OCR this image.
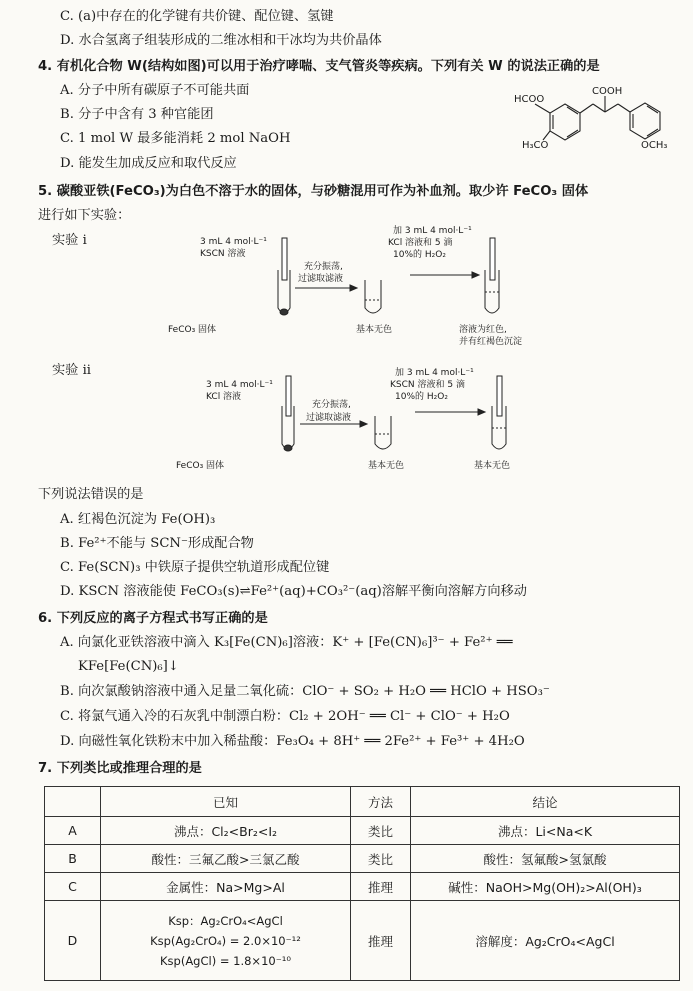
C. (a)中存在的化学键有共价键、配位键、氢键
D. 水合氢离子组装形成的二维冰相和干冰均为共价晶体
4. 有机化合物 W(结构如图)可以用于治疗哮喘、支气管炎等疾病。下列有关 W 的说法正确的是
A. 分子中所有碳原子不可能共面
B. 分子中含有 3 种官能团
C. 1 mol W 最多能消耗 2 mol NaOH
D. 能发生加成反应和取代反应
HCOO
COOH
H₃CO	OCH₃
5. 碳酸亚铁(FeCO₃)为白色不溶于水的固体，与砂糖混用可作为补血剂。取少许 FeCO₃ 固体
进行如下实验：
实验 i	3 mL 4 mol·L⁻¹
KSCN 溶液
充分振荡,
过滤取滤液
加 3 mL 4 mol·L⁻¹
KCl 溶液和 5 滴
10%的 H₂O₂
FeCO₃ 固体	基本无色	溶液为红色,
并有红褐色沉淀
实验 ii
3 mL 4 mol·L⁻¹
KCl 溶液
充分振荡,
过滤取滤液
加 3 mL 4 mol·L⁻¹
KSCN 溶液和 5 滴
10%的 H₂O₂
FeCO₃ 固体	基本无色	基本无色
下列说法错误的是
A. 红褐色沉淀为 Fe(OH)₃
B. Fe²⁺不能与 SCN⁻形成配合物
C. Fe(SCN)₃ 中铁原子提供空轨道形成配位键
D. KSCN 溶液能使 FeCO₃(s)⇌Fe²⁺(aq)+CO₃²⁻(aq)溶解平衡向溶解方向移动
6. 下列反应的离子方程式书写正确的是
A. 向氯化亚铁溶液中滴入 K₃[Fe(CN)₆]溶液：K⁺ + [Fe(CN)₆]³⁻ + Fe²⁺ ══
KFe[Fe(CN)₆]↓
B. 向次氯酸钠溶液中通入足量二氧化硫：ClO⁻ + SO₂ + H₂O ══ HClO + HSO₃⁻
C. 将氯气通入冷的石灰乳中制漂白粉：Cl₂ + 2OH⁻ ══ Cl⁻ + ClO⁻ + H₂O
D. 向磁性氧化铁粉末中加入稀盐酸：Fe₃O₄ + 8H⁺ ══ 2Fe²⁺ + Fe³⁺ + 4H₂O
7. 下列类比或推理合理的是
	已知	方法	结论
A	沸点：Cl₂<Br₂<I₂	类比	沸点：Li<Na<K
B	酸性：三氟乙酸>三氯乙酸	类比	酸性：氢氟酸>氢氯酸
C	金属性：Na>Mg>Al	推理	碱性：NaOH>Mg(OH)₂>Al(OH)₃
D	Ksp：Ag₂CrO₄<AgCl
Ksp(Ag₂CrO₄) = 2.0×10⁻¹²
Ksp(AgCl) = 1.8×10⁻¹⁰	推理	溶解度：Ag₂CrO₄<AgCl
